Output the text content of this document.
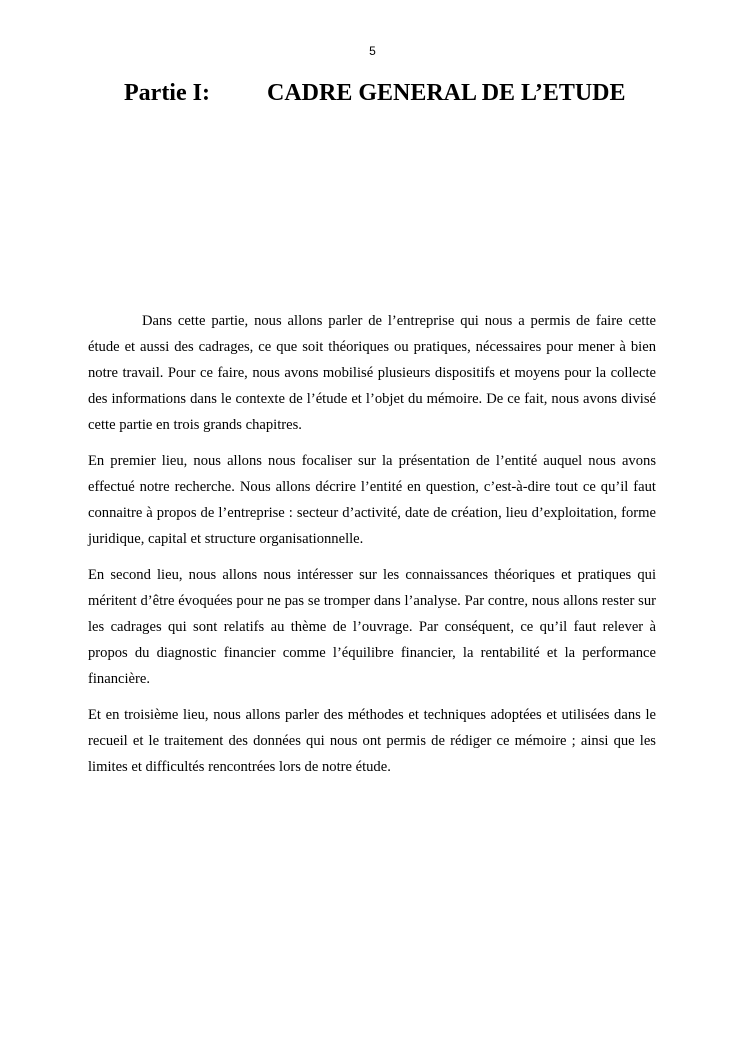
5
Partie I: CADRE GENERAL DE L’ETUDE

Dans cette partie, nous allons parler de l’entreprise qui nous a permis de faire cette étude et aussi des cadrages, ce que soit théoriques ou pratiques, nécessaires pour mener à bien notre travail. Pour ce faire, nous avons mobilisé plusieurs dispositifs et moyens pour la collecte des informations dans le contexte de l’étude et l’objet du mémoire. De ce fait, nous avons divisé cette partie en trois grands chapitres.

En premier lieu, nous allons nous focaliser sur la présentation de l’entité auquel nous avons effectué notre recherche. Nous allons décrire l’entité en question, c’est-à-dire tout ce qu’il faut connaitre à propos de l’entreprise : secteur d’activité, date de création, lieu d’exploitation, forme juridique, capital et structure organisationnelle.

En second lieu, nous allons nous intéresser sur les connaissances théoriques et pratiques qui méritent d’être évoquées pour ne pas se tromper dans l’analyse. Par contre, nous allons rester sur les cadrages qui sont relatifs au thème de l’ouvrage. Par conséquent, ce qu’il faut relever à propos du diagnostic financier comme l’équilibre financier, la rentabilité et la performance financière.

Et en troisième lieu, nous allons parler des méthodes et techniques adoptées et utilisées dans le recueil et le traitement des données qui nous ont permis de rédiger ce mémoire ; ainsi que les limites et difficultés rencontrées lors de notre étude.
